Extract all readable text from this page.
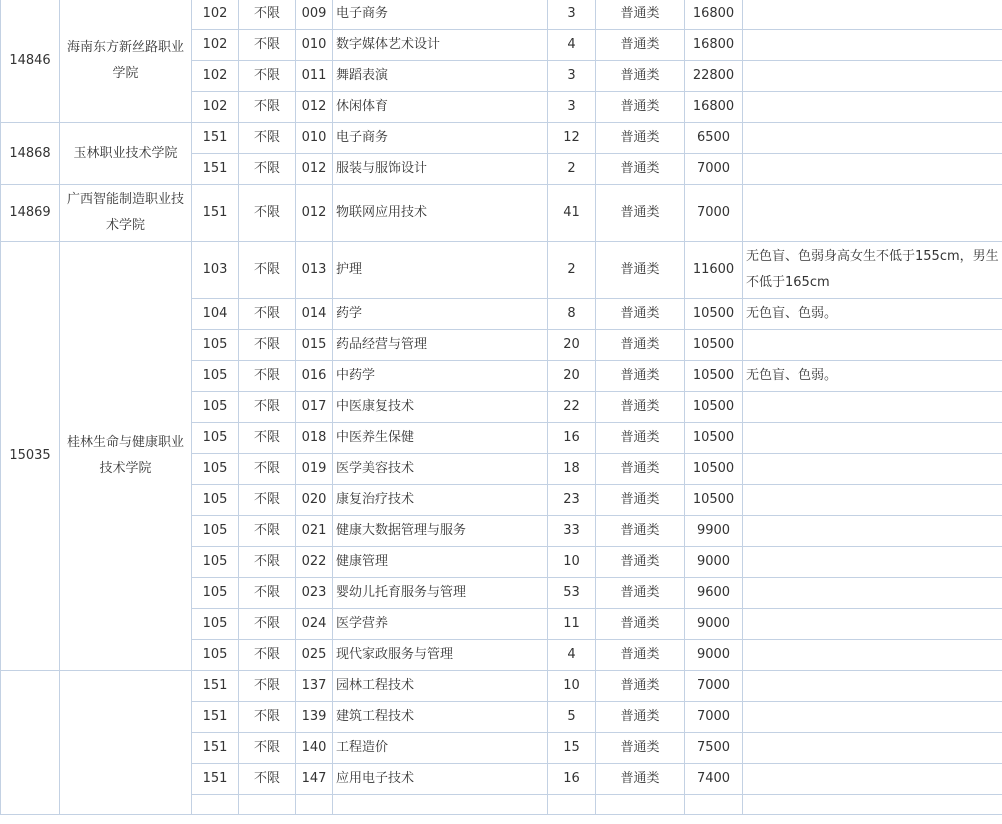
14846	海南东方新丝路职业学院	102	不限	009	电子商务	3	普通类	16800	
		102	不限	010	数字媒体艺术设计	4	普通类	16800	
		102	不限	011	舞蹈表演	3	普通类	22800	
		102	不限	012	休闲体育	3	普通类	16800	
14868	玉林职业技术学院	151	不限	010	电子商务	12	普通类	6500	
		151	不限	012	服装与服饰设计	2	普通类	7000	
14869	广西智能制造职业技术学院	151	不限	012	物联网应用技术	41	普通类	7000	
15035	桂林生命与健康职业技术学院	103	不限	013	护理	2	普通类	11600	无色盲、色弱身高女生不低于155cm，男生不低于165cm
		104	不限	014	药学	8	普通类	10500	无色盲、色弱。
		105	不限	015	药品经营与管理	20	普通类	10500	
		105	不限	016	中药学	20	普通类	10500	无色盲、色弱。
		105	不限	017	中医康复技术	22	普通类	10500	
		105	不限	018	中医养生保健	16	普通类	10500	
		105	不限	019	医学美容技术	18	普通类	10500	
		105	不限	020	康复治疗技术	23	普通类	10500	
		105	不限	021	健康大数据管理与服务	33	普通类	9900	
		105	不限	022	健康管理	10	普通类	9000	
		105	不限	023	婴幼儿托育服务与管理	53	普通类	9600	
		105	不限	024	医学营养	11	普通类	9000	
		105	不限	025	现代家政服务与管理	4	普通类	9000	
		151	不限	137	园林工程技术	10	普通类	7000	
		151	不限	139	建筑工程技术	5	普通类	7000	
		151	不限	140	工程造价	15	普通类	7500	
		151	不限	147	应用电子技术	16	普通类	7400	
